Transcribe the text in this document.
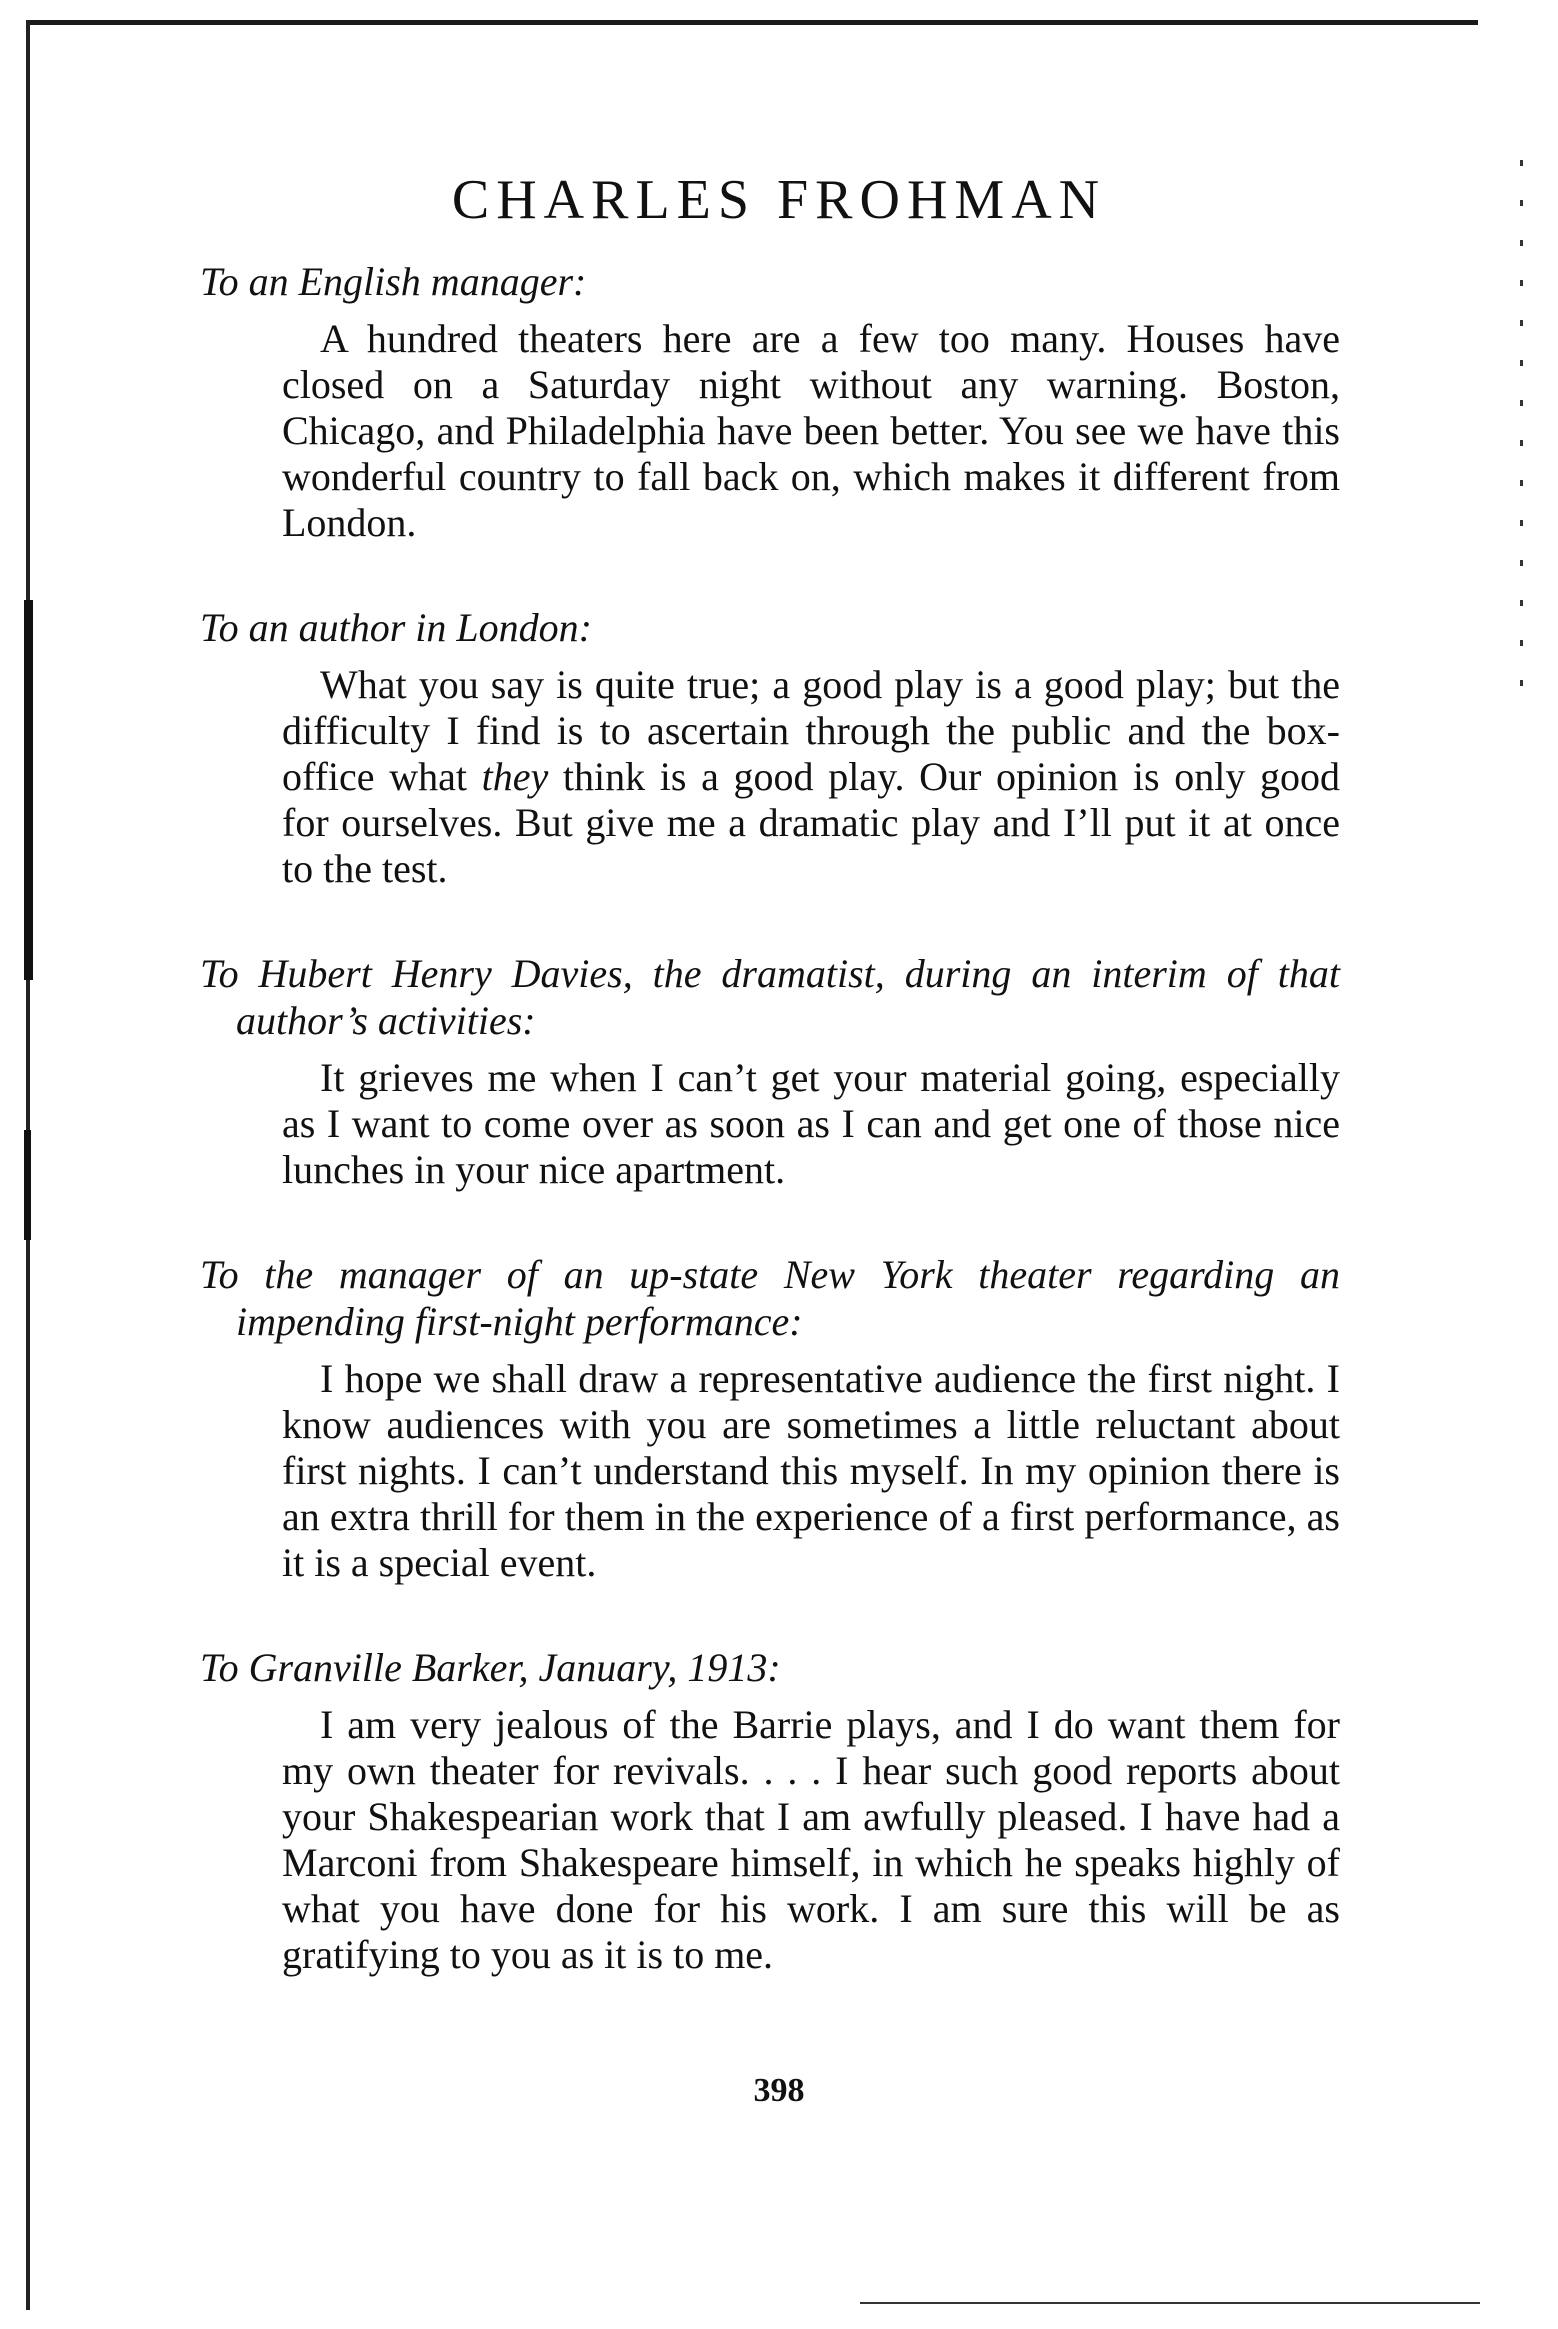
CHARLES FROHMAN

To an English manager:

A hundred theaters here are a few too many. Houses have closed on a Saturday night without any warning. Boston, Chicago, and Philadelphia have been better. You see we have this wonderful country to fall back on, which makes it different from London.

To an author in London:

What you say is quite true; a good play is a good play; but the difficulty I find is to ascertain through the public and the box-office what they think is a good play. Our opinion is only good for ourselves. But give me a dramatic play and I’ll put it at once to the test.

To Hubert Henry Davies, the dramatist, during an interim of that author’s activities:

It grieves me when I can’t get your material going, especially as I want to come over as soon as I can and get one of those nice lunches in your nice apartment.

To the manager of an up-state New York theater regarding an impending first-night performance:

I hope we shall draw a representative audience the first night. I know audiences with you are sometimes a little reluctant about first nights. I can’t understand this myself. In my opinion there is an extra thrill for them in the experience of a first performance, as it is a special event.

To Granville Barker, January, 1913:

I am very jealous of the Barrie plays, and I do want them for my own theater for revivals. . . . I hear such good reports about your Shakespearian work that I am awfully pleased. I have had a Marconi from Shakespeare himself, in which he speaks highly of what you have done for his work. I am sure this will be as gratifying to you as it is to me.

398
